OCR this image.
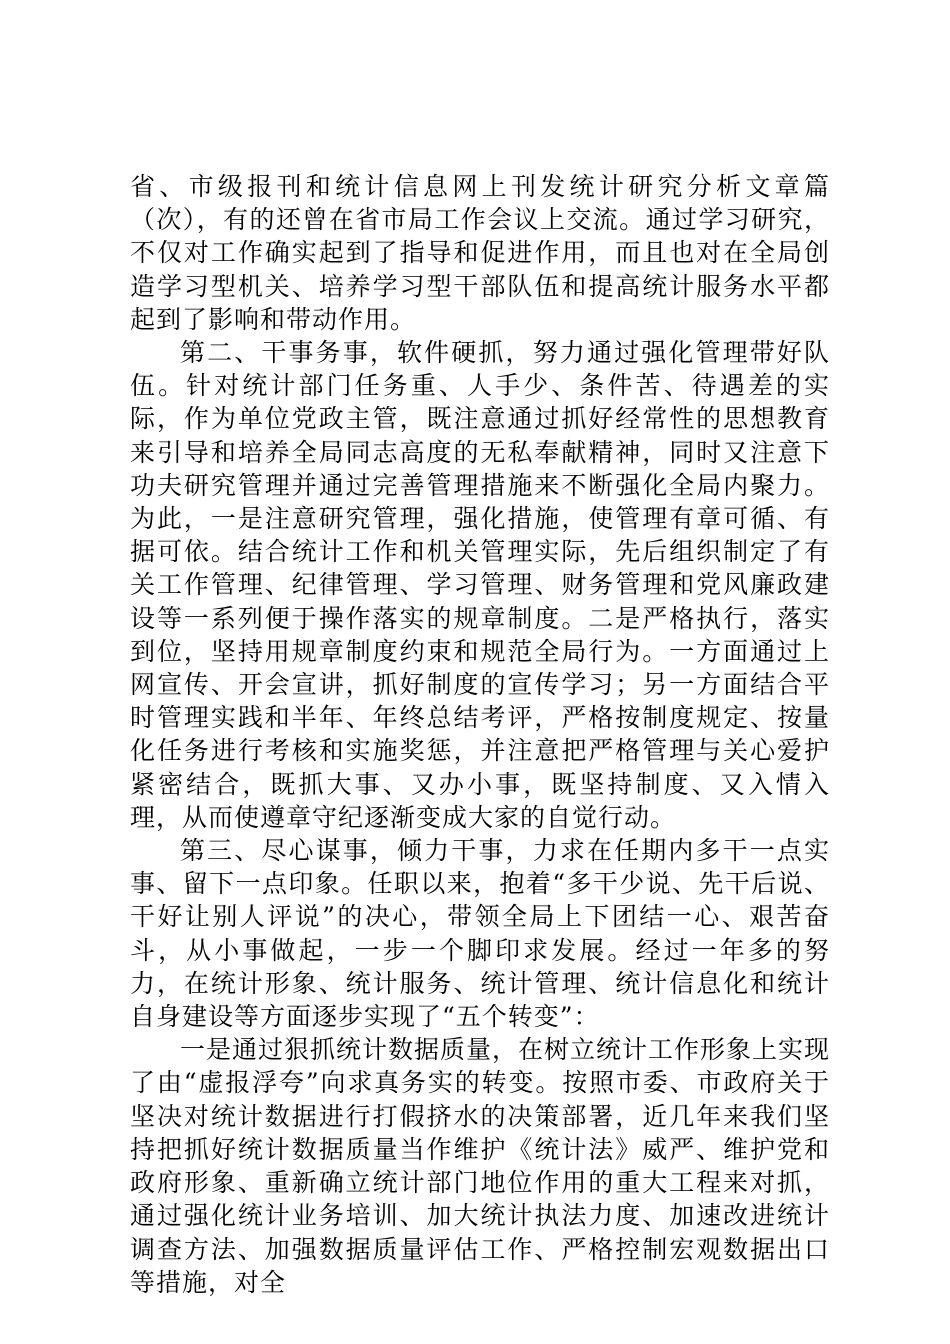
省、市级报刊和统计信息网上刊发统计研究分析文章篇（次），有的还曾在省市局工作会议上交流。通过学习研究，不仅对工作确实起到了指导和促进作用，而且也对在全局创造学习型机关、培养学习型干部队伍和提高统计服务水平都起到了影响和带动作用。

第二、干事务事，软件硬抓，努力通过强化管理带好队伍。针对统计部门任务重、人手少、条件苦、待遇差的实际，作为单位党政主管，既注意通过抓好经常性的思想教育来引导和培养全局同志高度的无私奉献精神，同时又注意下功夫研究管理并通过完善管理措施来不断强化全局内聚力。为此，一是注意研究管理，强化措施，使管理有章可循、有据可依。结合统计工作和机关管理实际，先后组织制定了有关工作管理、纪律管理、学习管理、财务管理和党风廉政建设等一系列便于操作落实的规章制度。二是严格执行，落实到位，坚持用规章制度约束和规范全局行为。一方面通过上网宣传、开会宣讲，抓好制度的宣传学习；另一方面结合平时管理实践和半年、年终总结考评，严格按制度规定、按量化任务进行考核和实施奖惩，并注意把严格管理与关心爱护紧密结合，既抓大事、又办小事，既坚持制度、又入情入理，从而使遵章守纪逐渐变成大家的自觉行动。

第三、尽心谋事，倾力干事，力求在任期内多干一点实事、留下一点印象。任职以来，抱着“多干少说、先干后说、干好让别人评说”的决心，带领全局上下团结一心、艰苦奋斗，从小事做起，一步一个脚印求发展。经过一年多的努力，在统计形象、统计服务、统计管理、统计信息化和统计自身建设等方面逐步实现了“五个转变”：

一是通过狠抓统计数据质量，在树立统计工作形象上实现了由“虚报浮夸”向求真务实的转变。按照市委、市政府关于坚决对统计数据进行打假挤水的决策部署，近几年来我们坚持把抓好统计数据质量当作维护《统计法》威严、维护党和政府形象、重新确立统计部门地位作用的重大工程来对抓，通过强化统计业务培训、加大统计执法力度、加速改进统计调查方法、加强数据质量评估工作、严格控制宏观数据出口等措施，对全
